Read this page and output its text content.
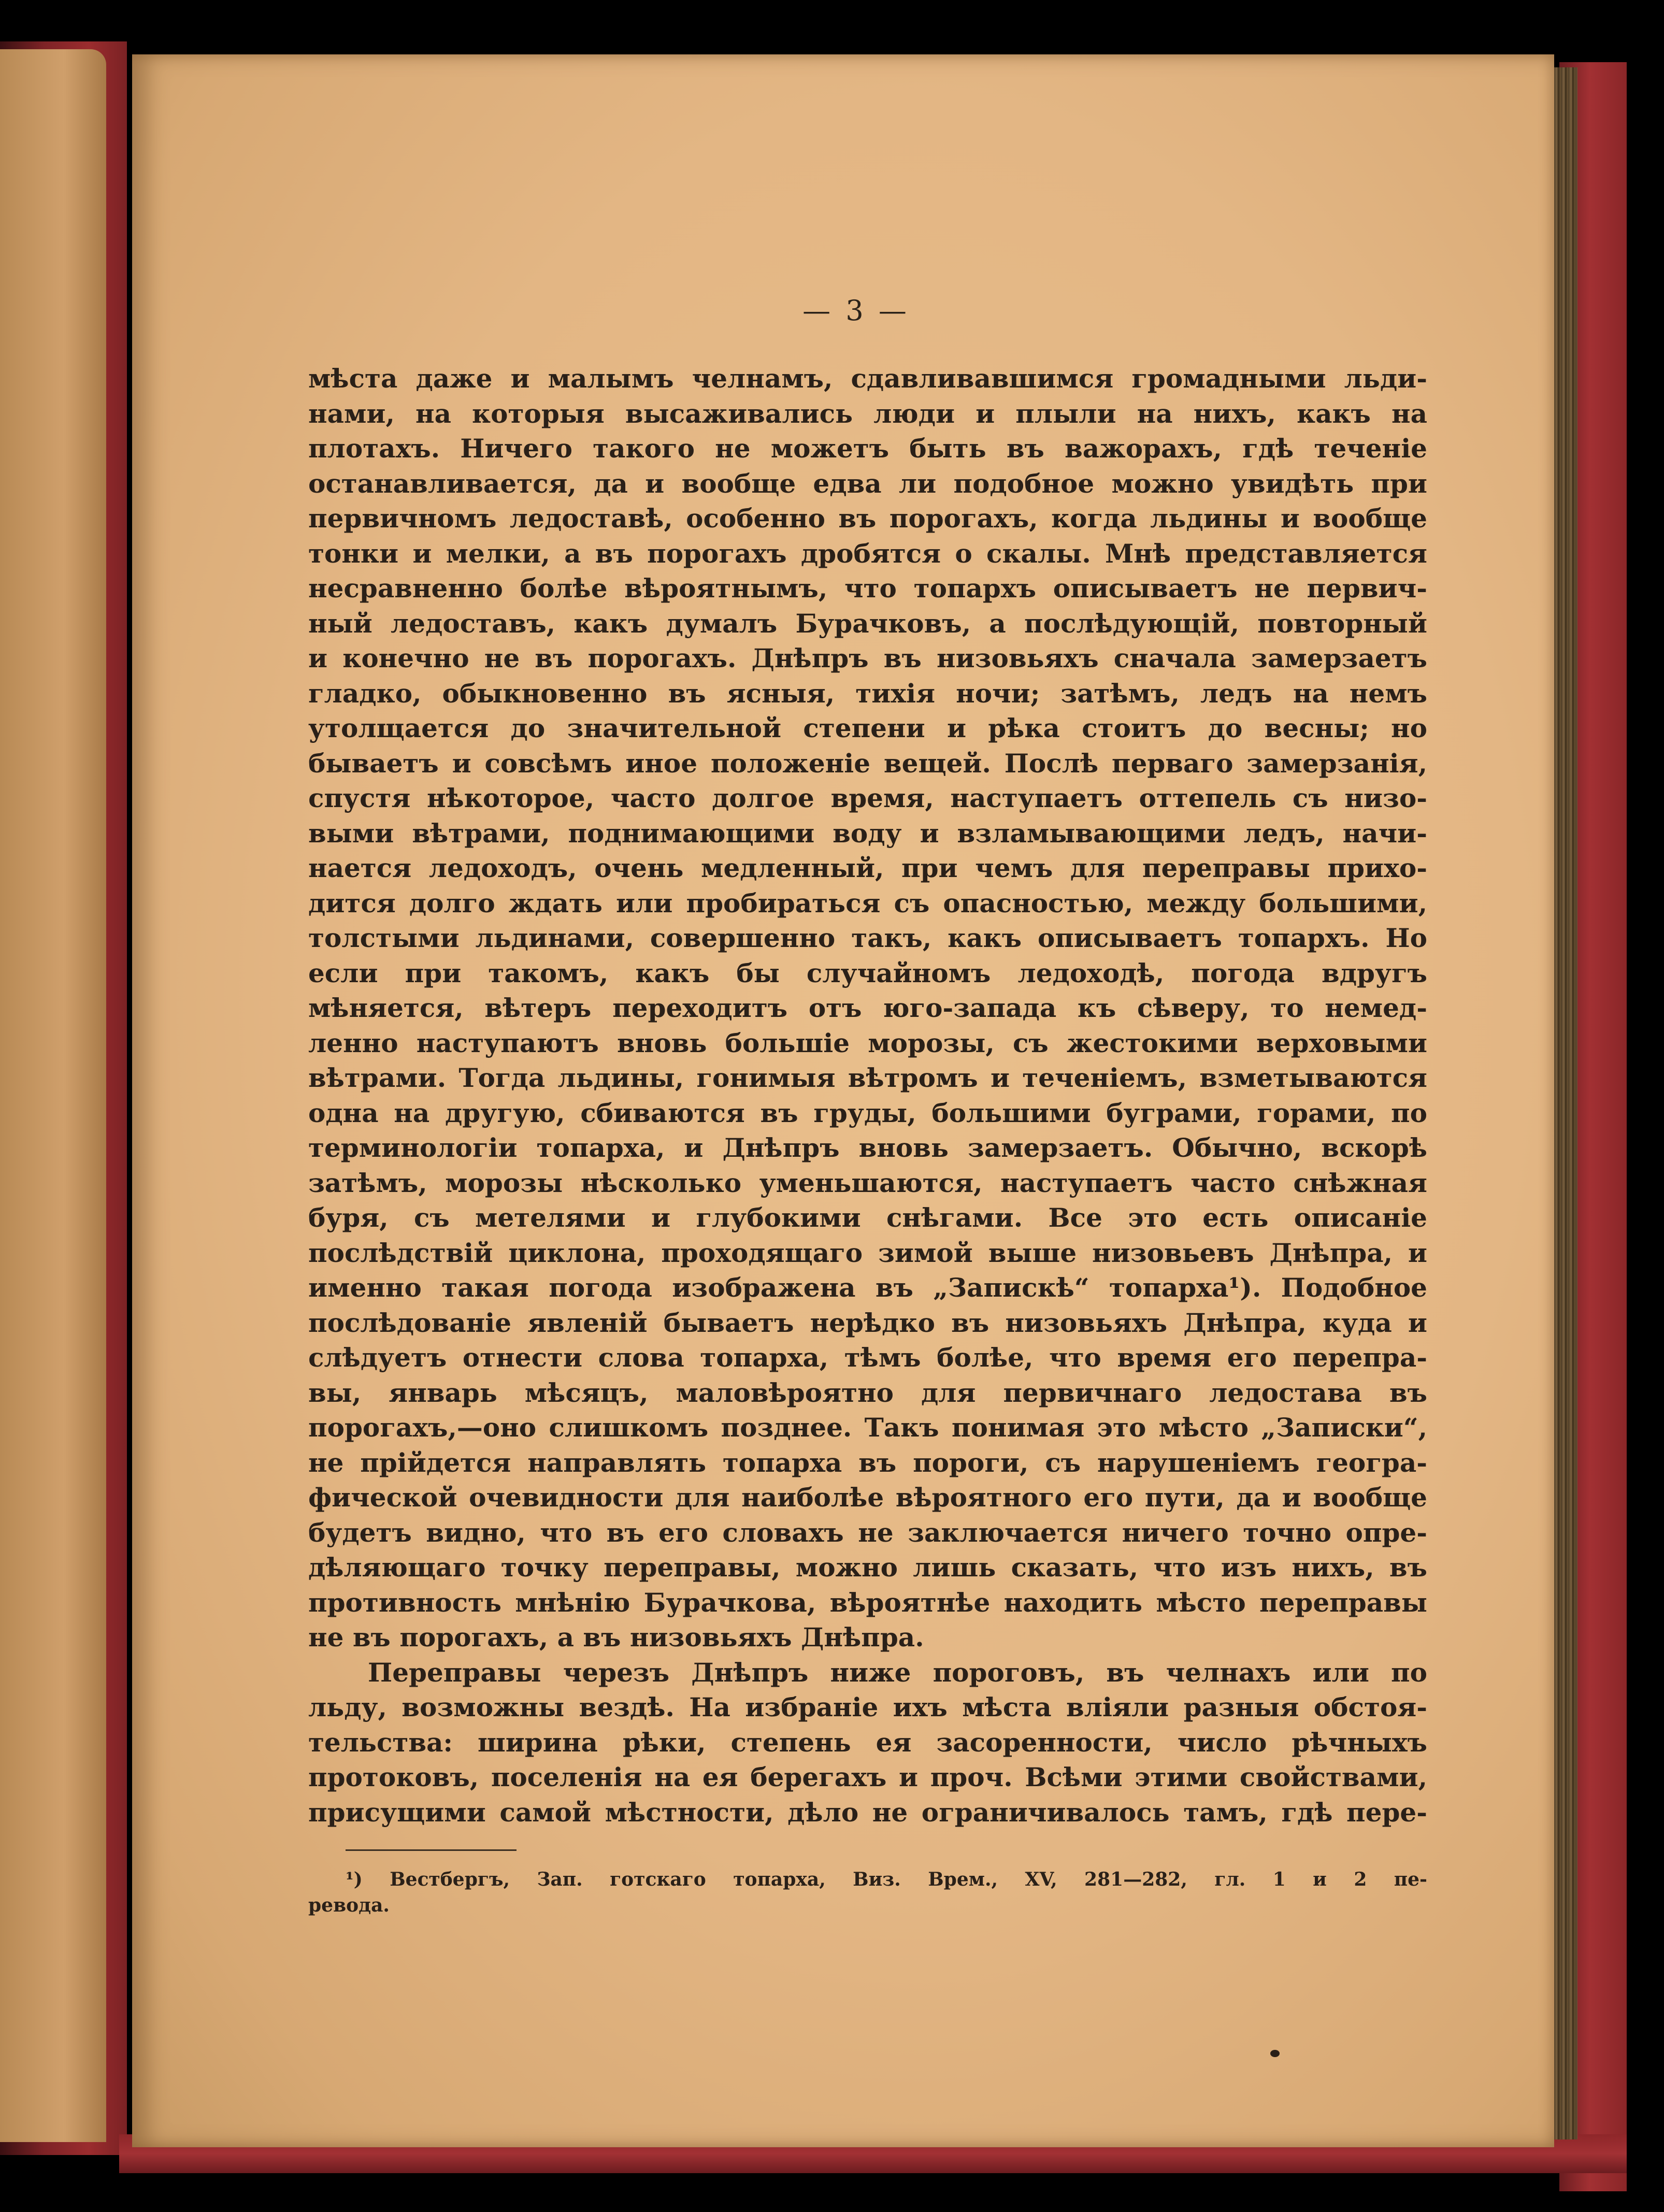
— 3 —
мѣста даже и малымъ челнамъ, сдавливавшимся громадными льди-
нами, на которыя высаживались люди и плыли на нихъ, какъ на
плотахъ. Ничего такого не можетъ быть въ важорахъ, гдѣ теченіе
останавливается, да и вообще едва ли подобное можно увидѣть при
первичномъ ледоставѣ, особенно въ порогахъ, когда льдины и вообще
тонки и мелки, а въ порогахъ дробятся о скалы. Мнѣ представляется
несравненно болѣе вѣроятнымъ, что топархъ описываетъ не первич-
ный ледоставъ, какъ думалъ Бурачковъ, а послѣдующій, повторный
и конечно не въ порогахъ. Днѣпръ въ низовьяхъ сначала замерзаетъ
гладко, обыкновенно въ ясныя, тихія ночи; затѣмъ, ледъ на немъ
утолщается до значительной степени и рѣка стоитъ до весны; но
бываетъ и совсѣмъ иное положеніе вещей. Послѣ перваго замерзанія,
спустя нѣкоторое, часто долгое время, наступаетъ оттепель съ низо-
выми вѣтрами, поднимающими воду и взламывающими ледъ, начи-
нается ледоходъ, очень медленный, при чемъ для переправы прихо-
дится долго ждать или пробираться съ опасностью, между большими,
толстыми льдинами, совершенно такъ, какъ описываетъ топархъ. Но
если при такомъ, какъ бы случайномъ ледоходѣ, погода вдругъ
мѣняется, вѣтеръ переходитъ отъ юго-запада къ сѣверу, то немед-
ленно наступаютъ вновь большіе морозы, съ жестокими верховыми
вѣтрами. Тогда льдины, гонимыя вѣтромъ и теченіемъ, взметываются
одна на другую, сбиваются въ груды, большими буграми, горами, по
терминологіи топарха, и Днѣпръ вновь замерзаетъ. Обычно, вскорѣ
затѣмъ, морозы нѣсколько уменьшаются, наступаетъ часто снѣжная
буря, съ метелями и глубокими снѣгами. Все это есть описаніе
послѣдствій циклона, проходящаго зимой выше низовьевъ Днѣпра, и
именно такая погода изображена въ „Запискѣ“ топарха¹). Подобное
послѣдованіе явленій бываетъ нерѣдко въ низовьяхъ Днѣпра, куда и
слѣдуетъ отнести слова топарха, тѣмъ болѣе, что время его перепра-
вы, январь мѣсяцъ, маловѣроятно для первичнаго ледостава въ
порогахъ,—оно слишкомъ позднее. Такъ понимая это мѣсто „Записки“,
не прійдется направлять топарха въ пороги, съ нарушеніемъ геогра-
фической очевидности для наиболѣе вѣроятного его пути, да и вообще
будетъ видно, что въ его словахъ не заключается ничего точно опре-
дѣляющаго точку переправы, можно лишь сказать, что изъ нихъ, въ
противность мнѣнію Бурачкова, вѣроятнѣе находить мѣсто переправы
не въ порогахъ, а въ низовьяхъ Днѣпра.
Переправы черезъ Днѣпръ ниже пороговъ, въ челнахъ или по
льду, возможны вездѣ. На избраніе ихъ мѣста вліяли разныя обстоя-
тельства: ширина рѣки, степень ея засоренности, число рѣчныхъ
протоковъ, поселенія на ея берегахъ и проч. Всѣми этими свойствами,
присущими самой мѣстности, дѣло не ограничивалось тамъ, гдѣ пере-
¹) Вестбергъ, Зап. готскаго топарха, Виз. Врем., XV, 281—282, гл. 1 и 2 пе-
ревода.
